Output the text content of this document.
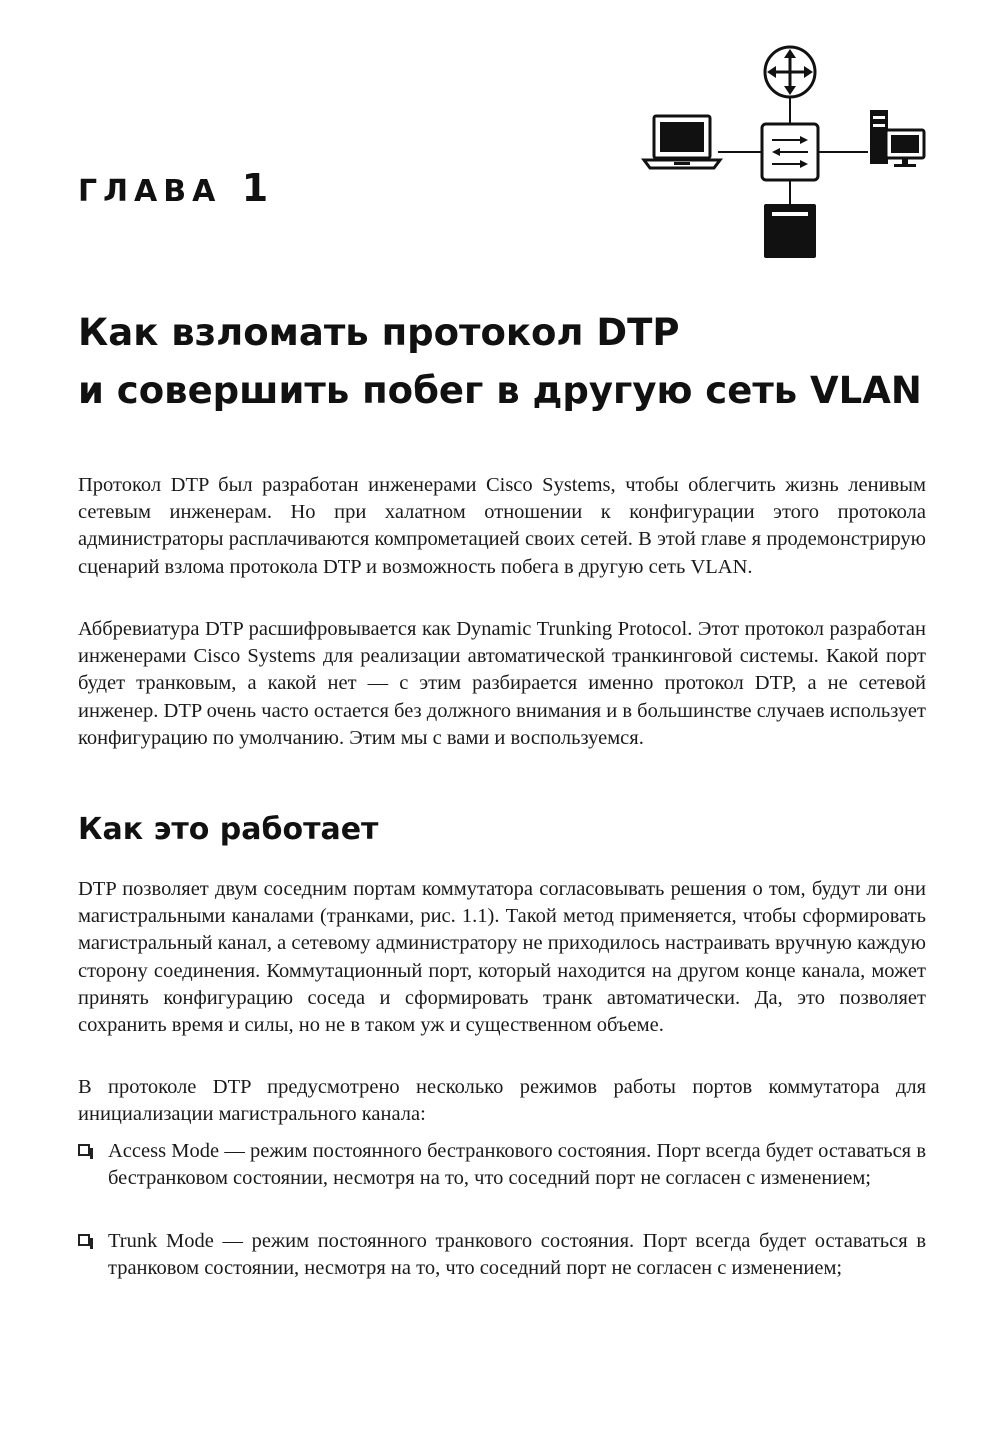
ГЛАВА 1
Как взломать протокол DTP
и совершить побег в другую сеть VLAN

Протокол DTP был разработан инженерами Cisco Systems, чтобы облегчить жизнь ленивым сетевым инженерам. Но при халатном отношении к конфигурации этого протокола администраторы расплачиваются компрометацией своих сетей. В этой главе я продемонстрирую сценарий взлома протокола DTP и возможность побега в другую сеть VLAN.

Аббревиатура DTP расшифровывается как Dynamic Trunking Protocol. Этот протокол разработан инженерами Cisco Systems для реализации автоматической транкинговой системы. Какой порт будет транковым, а какой нет — с этим разбирается именно протокол DTP, а не сетевой инженер. DTP очень часто остается без должного внимания и в большинстве случаев использует конфигурацию по умолчанию. Этим мы с вами и воспользуемся.

Как это работает

DTP позволяет двум соседним портам коммутатора согласовывать решения о том, будут ли они магистральными каналами (транками, рис. 1.1). Такой метод применяется, чтобы сформировать магистральный канал, а сетевому администратору не приходилось настраивать вручную каждую сторону соединения. Коммутационный порт, который находится на другом конце канала, может принять конфигурацию соседа и сформировать транк автоматически. Да, это позволяет сохранить время и силы, но не в таком уж и существенном объеме.

В протоколе DTP предусмотрено несколько режимов работы портов коммутатора для инициализации магистрального канала:

Access Mode — режим постоянного бестранкового состояния. Порт всегда будет оставаться в бестранковом состоянии, несмотря на то, что соседний порт не согласен с изменением;
Trunk Mode — режим постоянного транкового состояния. Порт всегда будет оставаться в транковом состоянии, несмотря на то, что соседний порт не согласен с изменением;
